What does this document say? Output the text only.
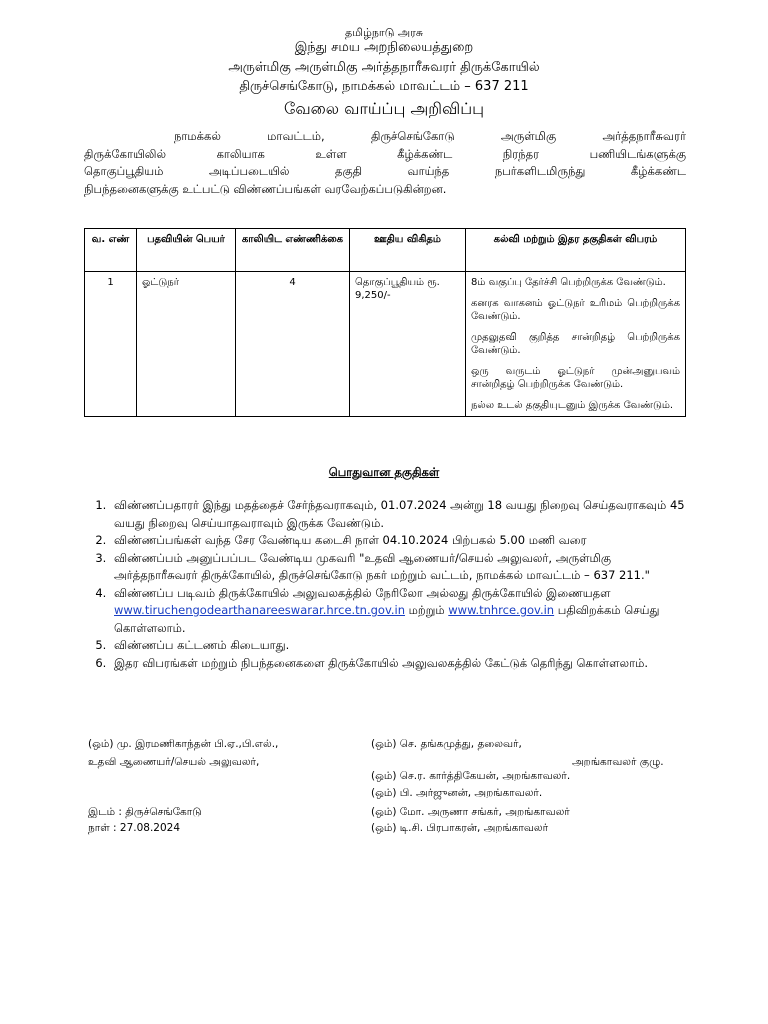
தமிழ்நாடு அரசு
இந்து சமய அறநிலையத்துறை
அருள்மிகு அருள்மிகு அர்த்தநாரீசுவரர் திருக்கோயில்
திருச்செங்கோடு, நாமக்கல் மாவட்டம் – 637 211
வேலை வாய்ப்பு அறிவிப்பு
நாமக்கல் மாவட்டம், திருச்செங்கோடு அருள்மிகு அர்த்தநாரீசுவரர்
திருக்கோயிலில் காலியாக உள்ள கீழ்க்கண்ட நிரந்தர பணியிடங்களுக்கு
தொகுப்பூதியம் அடிப்படையில் தகுதி வாய்ந்த நபர்களிடமிருந்து கீழ்க்கண்ட
நிபந்தனைகளுக்கு உட்பட்டு விண்ணப்பங்கள் வரவேற்கப்படுகின்றன.
வ. எண்	பதவியின் பெயர்	காலியிட எண்ணிக்கை	ஊதிய விகிதம்	கல்வி மற்றும் இதர தகுதிகள் விபரம்
1	ஓட்டுநர்	4	தொகுப்பூதியம் ரூ. 9,250/-	8ம் வகுப்பு தேர்ச்சி பெற்றிருக்க வேண்டும்.

கனரக வாகனம் ஓட்டுநர் உரிமம் பெற்றிருக்க வேண்டும்.

முதலுதவி குறித்த சான்றிதழ் பெற்றிருக்க வேண்டும்.

ஒரு வருடம் ஓட்டுநர் முன்அனுபவம் சான்றிதழ் பெற்றிருக்க வேண்டும்.

நல்ல உடல் தகுதியுடனும் இருக்க வேண்டும்.

பொதுவான தகுதிகள்
1. விண்ணப்பதாரர் இந்து மதத்தைச் சேர்ந்தவராகவும், 01.07.2024 அன்று 18 வயது நிறைவு செய்தவராகவும் 45 வயது நிறைவு செய்யாதவராவும் இருக்க வேண்டும்.
2. விண்ணப்பங்கள் வந்த சேர வேண்டிய கடைசி நாள் 04.10.2024 பிற்பகல் 5.00 மணி வரை
3. விண்ணப்பம் அனுப்பப்பட வேண்டிய முகவரி "உதவி ஆணையர்/செயல் அலுவலர், அருள்மிகு அர்த்தநாரீசுவரர் திருக்கோயில், திருச்செங்கோடு நகர் மற்றும் வட்டம், நாமக்கல் மாவட்டம் – 637 211."
4. விண்ணப்ப படிவம் திருக்கோயில் அலுவலகத்தில் நேரிலோ அல்லது திருக்கோயில் இணையதள www.tiruchengodearthanareeswarar.hrce.tn.gov.in மற்றும் www.tnhrce.gov.in பதிவிறக்கம் செய்து கொள்ளலாம்.
5. விண்ணப்ப கட்டணம் கிடையாது.
6. இதர விபரங்கள் மற்றும் நிபந்தனைகளை திருக்கோயில் அலுவலகத்தில் கேட்டுக் தெரிந்து கொள்ளலாம்.
(ஒம்) மு. இரமணிகாந்தன் பி.ஏ.,பி.எல்.,
உதவி ஆணையர்/செயல் அலுவலர்,
இடம் : திருச்செங்கோடு
நாள் : 27.08.2024
(ஒம்) செ. தங்கமுத்து, தலைவர்,
அறங்காவலர் குழு.
(ஒம்) செ.ர. கார்த்திகேயன், அறங்காவலர்.
(ஒம்) பி. அர்ஜுனன், அறங்காவலர்.
(ஒம்) மோ. அருணா சங்கர், அறங்காவலர்
(ஒம்) டி.சி. பிரபாகரன், அறங்காவலர்
